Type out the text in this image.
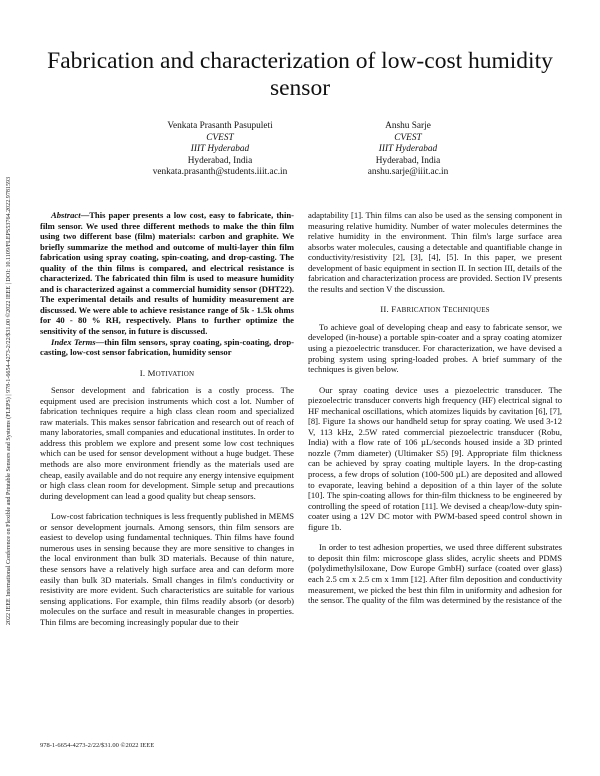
2022 IEEE International Conference on Flexible and Printable Sensors and Systems (FLEPS) | 978-1-6654-4273-2/22/$31.00 ©2022 IEEE | DOI: 10.1109/FLEPS53764.2022.9781593
Fabrication and characterization of low-cost humidity sensor
Venkata Prasanth Pasupuleti
CVEST
IIIT Hyderabad
Hyderabad, India
venkata.prasanth@students.iiit.ac.in
Anshu Sarje
CVEST
IIIT Hyderabad
Hyderabad, India
anshu.sarje@iiit.ac.in

Abstract—This paper presents a low cost, easy to fabricate, thin-film sensor. We used three different methods to make the thin film using two different base (film) materials: carbon and graphite. We briefly summarize the method and outcome of multi-layer thin film fabrication using spray coating, spin-coating, and drop-casting. The quality of the thin films is compared, and electrical resistance is characterized. The fabricated thin film is used to measure humidity and is characterized against a commercial humidity sensor (DHT22). The experimental details and results of humidity measurement are discussed. We were able to achieve resistance range of 5k - 1.5k ohms for 40 - 80 % RH, respectively. Plans to further optimize the sensitivity of the sensor, in future is discussed.

Index Terms—thin film sensors, spray coating, spin-coating, drop-casting, low-cost sensor fabrication, humidity sensor

I. MOTIVATION

Sensor development and fabrication is a costly process. The equipment used are precision instruments which cost a lot. Number of fabrication techniques require a high class clean room and specialized raw materials. This makes sensor fabrication and research out of reach of many laboratories, small companies and educational institutes. In order to address this problem we explore and present some low cost techniques which can be used for sensor development without a huge budget. These methods are also more environment friendly as the materials used are cheap, easily available and do not require any energy intensive equipment or high class clean room for development. Simple setup and precautions during development can lead a good quality but cheap sensors.

Low-cost fabrication techniques is less frequently published in MEMS or sensor development journals. Among sensors, thin film sensors are easiest to develop using fundamental techniques. Thin films have found numerous uses in sensing because they are more sensitive to changes in the local environment than bulk 3D materials. Because of thin nature, these sensors have a relatively high surface area and can deform more easily than bulk 3D materials. Small changes in film's conductivity or resistivity are more evident. Such characteristics are suitable for various sensing applications. For example, thin films readily absorb (or desorb) molecules on the surface and result in measurable changes in properties. Thin films are becoming increasingly popular due to their

adaptability [1]. Thin films can also be used as the sensing component in measuring relative humidity. Number of water molecules determines the relative humidity in the environment. Thin film's large surface area absorbs water molecules, causing a detectable and quantifiable change in conductivity/resistivity [2], [3], [4], [5]. In this paper, we present development of basic equipment in section II. In section III, details of the fabrication and characterization process are provided. Section IV presents the results and section V the discussion.

II. FABRICATION TECHNIQUES

To achieve goal of developing cheap and easy to fabricate sensor, we developed (in-house) a portable spin-coater and a spray coating atomizer using a piezoelectric transducer. For characterization, we have devised a probing system using spring-loaded probes. A brief summary of the techniques is given below.

Our spray coating device uses a piezoelectric transducer. The piezoelectric transducer converts high frequency (HF) electrical signal to HF mechanical oscillations, which atomizes liquids by cavitation [6], [7], [8]. Figure 1a shows our handheld setup for spray coating. We used 3-12 V, 113 kHz, 2.5W rated commercial piezoelectric transducer (Robu, India) with a flow rate of 106 µL/seconds housed inside a 3D printed nozzle (7mm diameter) (Ultimaker S5) [9]. Appropriate film thickness can be achieved by spray coating multiple layers. In the drop-casting process, a few drops of solution (100-500 µL) are deposited and allowed to evaporate, leaving behind a deposition of a thin layer of the solute [10]. The spin-coating allows for thin-film thickness to be engineered by controlling the speed of rotation [11]. We devised a cheap/low-duty spin-coater using a 12V DC motor with PWM-based speed control shown in figure 1b.

In order to test adhesion properties, we used three different substrates to deposit thin film: microscope glass slides, acrylic sheets and PDMS (polydimethylsiloxane, Dow Europe GmbH) surface (coated over glass) each 2.5 cm x 2.5 cm x 1mm [12]. After film deposition and conductivity measurement, we picked the best thin film in uniformity and adhesion for the sensor. The quality of the film was determined by the resistance of the

978-1-6654-4273-2/22/$31.00 ©2022 IEEE
